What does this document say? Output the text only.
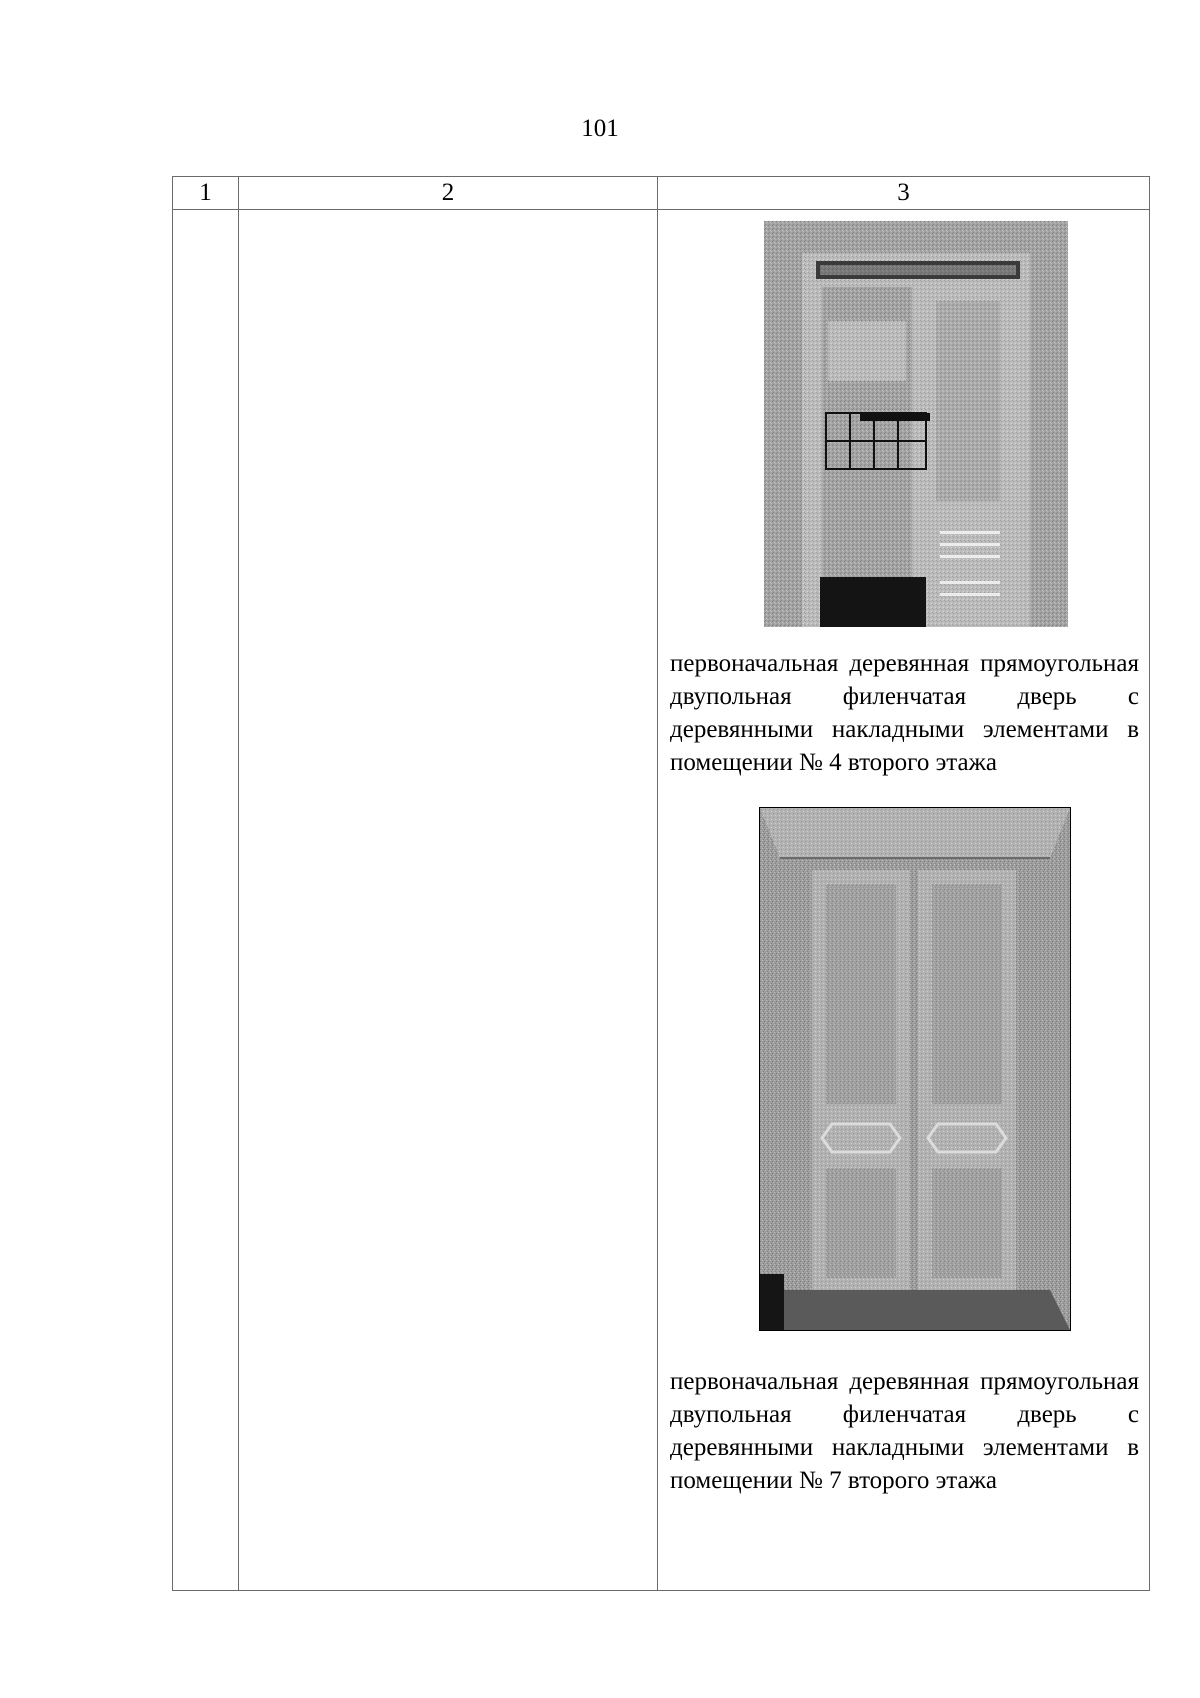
101
1	2	3

		первоначальная деревянная прямоугольная двупольная филенчатая дверь с деревянными накладными элементами в помещении № 4 второго этажа

первоначальная деревянная прямоугольная двупольная филенчатая дверь с деревянными накладными элементами в помещении № 7 второго этажа
